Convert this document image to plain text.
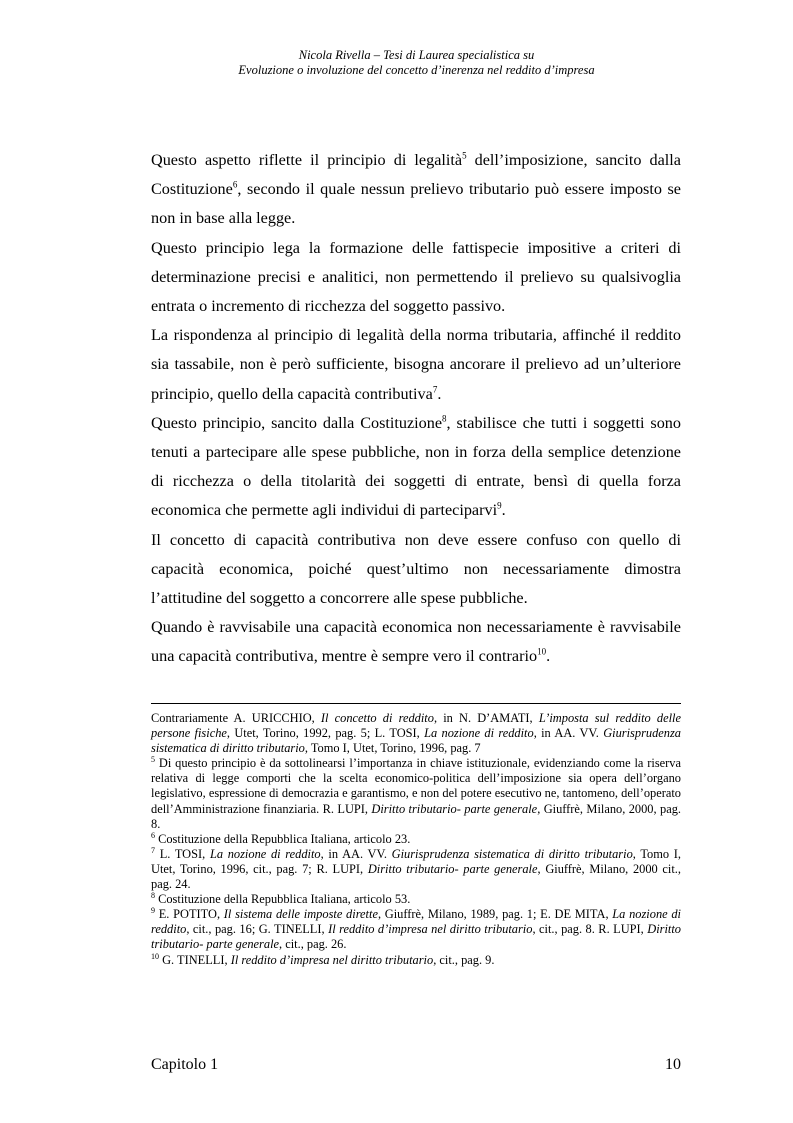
Nicola Rivella – Tesi di Laurea specialistica su
Evoluzione o involuzione del concetto d’inerenza nel reddito d’impresa

Questo aspetto riflette il principio di legalità$^5$ dell’imposizione, sancito dalla Costituzione$^6$, secondo il quale nessun prelievo tributario può essere imposto se non in base alla legge.

Questo principio lega la formazione delle fattispecie impositive a criteri di determinazione precisi e analitici, non permettendo il prelievo su qualsivoglia entrata o incremento di ricchezza del soggetto passivo.

La rispondenza al principio di legalità della norma tributaria, affinché il reddito sia tassabile, non è però sufficiente, bisogna ancorare il prelievo ad un’ulteriore principio, quello della capacità contributiva$^7$.

Questo principio, sancito dalla Costituzione$^8$, stabilisce che tutti i soggetti sono tenuti a partecipare alle spese pubbliche, non in forza della semplice detenzione di ricchezza o della titolarità dei soggetti di entrate, bensì di quella forza economica che permette agli individui di parteciparvi$^9$.

Il concetto di capacità contributiva non deve essere confuso con quello di capacità economica, poiché quest’ultimo non necessariamente dimostra l’attitudine del soggetto a concorrere alle spese pubbliche.

Quando è ravvisabile una capacità economica non necessariamente è ravvisabile una capacità contributiva, mentre è sempre vero il contrario$^{10}$.

Contrariamente A. URICCHIO, Il concetto di reddito, in N. D’AMATI, L’imposta sul reddito delle persone fisiche, Utet, Torino, 1992, pag. 5; L. TOSI, La nozione di reddito, in AA. VV. Giurisprudenza sistematica di diritto tributario, Tomo I, Utet, Torino, 1996, pag. 7

$^5$ Di questo principio è da sottolinearsi l’importanza in chiave istituzionale, evidenziando come la riserva relativa di legge comporti che la scelta economico-politica dell’imposizione sia opera dell’organo legislativo, espressione di democrazia e garantismo, e non del potere esecutivo ne, tantomeno, dell’operato dell’Amministrazione finanziaria. R. LUPI, Diritto tributario- parte generale, Giuffrè, Milano, 2000, pag. 8.

$^6$ Costituzione della Repubblica Italiana, articolo 23.

$^7$ L. TOSI, La nozione di reddito, in AA. VV. Giurisprudenza sistematica di diritto tributario, Tomo I, Utet, Torino, 1996, cit., pag. 7; R. LUPI, Diritto tributario- parte generale, Giuffrè, Milano, 2000 cit., pag. 24.

$^8$ Costituzione della Repubblica Italiana, articolo 53.

$^9$ E. POTITO, Il sistema delle imposte dirette, Giuffrè, Milano, 1989, pag. 1; E. DE MITA, La nozione di reddito, cit., pag. 16; G. TINELLI, Il reddito d’impresa nel diritto tributario, cit., pag. 8. R. LUPI, Diritto tributario- parte generale, cit., pag. 26.

$^{10}$ G. TINELLI, Il reddito d’impresa nel diritto tributario, cit., pag. 9.

Capitolo 1	10
